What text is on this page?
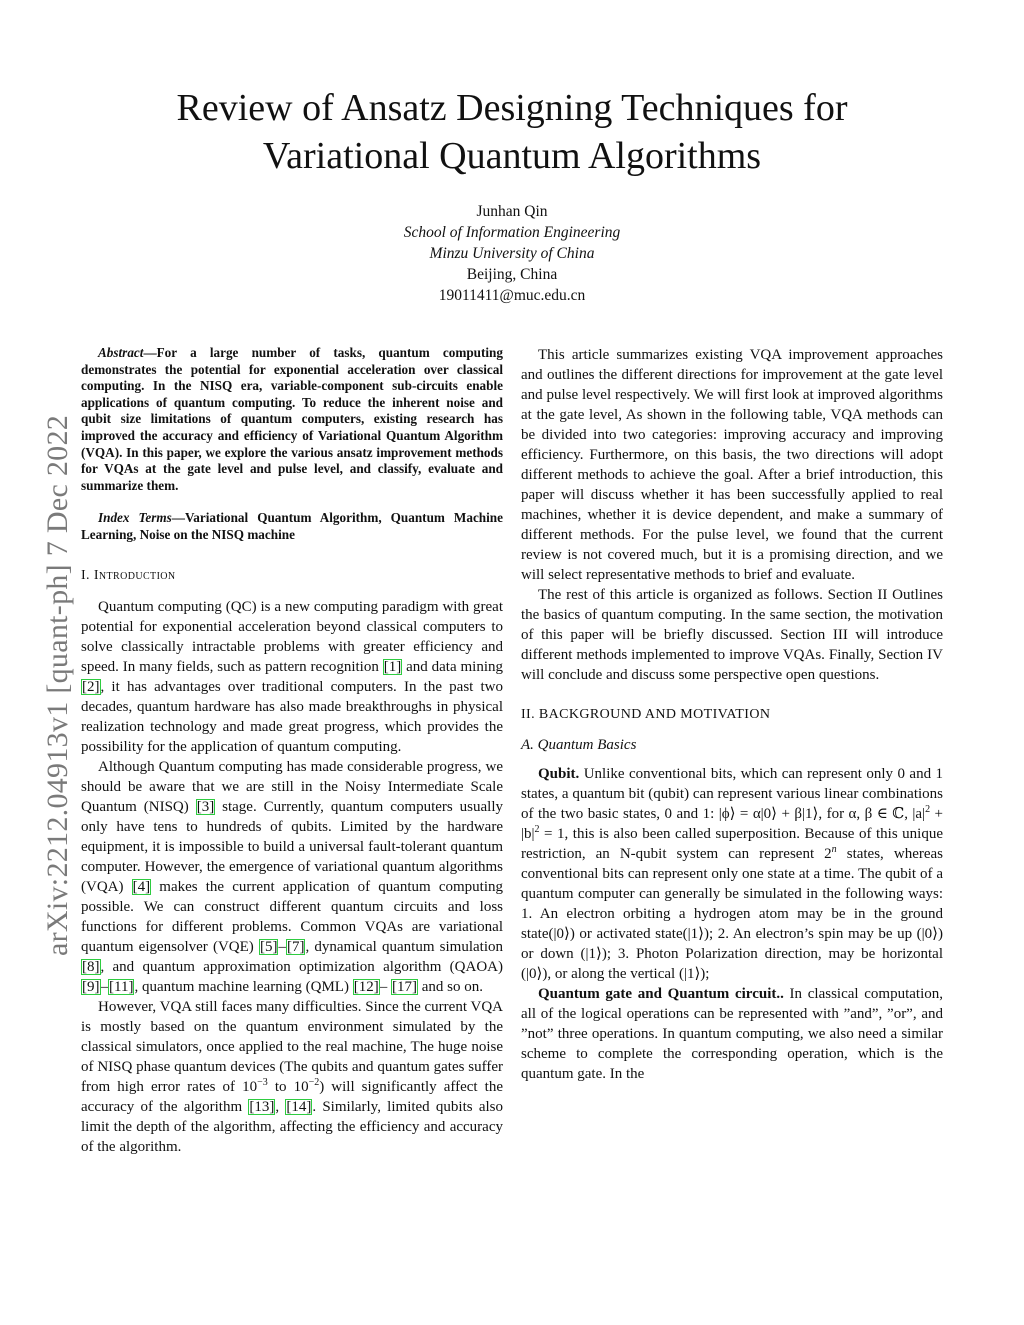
Review of Ansatz Designing Techniques for
Variational Quantum Algorithms
Junhan Qin
School of Information Engineering
Minzu University of China
Beijing, China
19011411@muc.edu.cn
arXiv:2212.04913v1 [quant-ph] 7 Dec 2022

Abstract—For a large number of tasks, quantum computing demonstrates the potential for exponential acceleration over classical computing. In the NISQ era, variable-component sub-circuits enable applications of quantum computing. To reduce the inherent noise and qubit size limitations of quantum computers, existing research has improved the accuracy and efficiency of Variational Quantum Algorithm (VQA). In this paper, we explore the various ansatz improvement methods for VQAs at the gate level and pulse level, and classify, evaluate and summarize them.

Index Terms—Variational Quantum Algorithm, Quantum Machine Learning, Noise on the NISQ machine

I. Introduction

Quantum computing (QC) is a new computing paradigm with great potential for exponential acceleration beyond classical computers to solve classically intractable problems with greater efficiency and speed. In many fields, such as pattern recognition [1] and data mining [2], it has advantages over traditional computers. In the past two decades, quantum hardware has also made breakthroughs in physical realization technology and made great progress, which provides the possibility for the application of quantum computing.

Although Quantum computing has made considerable progress, we should be aware that we are still in the Noisy Intermediate Scale Quantum (NISQ) [3] stage. Currently, quantum computers usually only have tens to hundreds of qubits. Limited by the hardware equipment, it is impossible to build a universal fault-tolerant quantum computer. However, the emergence of variational quantum algorithms (VQA) [4] makes the current application of quantum computing possible. We can construct different quantum circuits and loss functions for different problems. Common VQAs are variational quantum eigensolver (VQE) [5]–[7], dynamical quantum simulation [8], and quantum approximation optimization algorithm (QAOA) [9]–[11], quantum machine learning (QML) [12]– [17] and so on.

However, VQA still faces many difficulties. Since the current VQA is mostly based on the quantum environment simulated by the classical simulators, once applied to the real machine, The huge noise of NISQ phase quantum devices (The qubits and quantum gates suffer from high error rates of $10^{-3}$ to $10^{-2}$) will significantly affect the accuracy of the algorithm [13], [14]. Similarly, limited qubits also limit the depth of the algorithm, affecting the efficiency and accuracy of the algorithm.

This article summarizes existing VQA improvement approaches and outlines the different directions for improvement at the gate level and pulse level respectively. We will first look at improved algorithms at the gate level, As shown in the following table, VQA methods can be divided into two categories: improving accuracy and improving efficiency. Furthermore, on this basis, the two directions will adopt different methods to achieve the goal. After a brief introduction, this paper will discuss whether it has been successfully applied to real machines, whether it is device dependent, and make a summary of different methods. For the pulse level, we found that the current review is not covered much, but it is a promising direction, and we will select representative methods to brief and evaluate.

The rest of this article is organized as follows. Section II Outlines the basics of quantum computing. In the same section, the motivation of this paper will be briefly discussed. Section III will introduce different methods implemented to improve VQAs. Finally, Section IV will conclude and discuss some perspective open questions.

II. BACKGROUND AND MOTIVATION

A. Quantum Basics

Qubit. Unlike conventional bits, which can represent only 0 and 1 states, a quantum bit (qubit) can represent various linear combinations of the two basic states, 0 and 1: |ϕ⟩ = α|0⟩ + β|1⟩, for α, β ∈ ℂ, $|a|^2 + |b|^2 = 1$, this is also been called superposition. Because of this unique restriction, an N-qubit system can represent 2$^n$ states, whereas conventional bits can represent only one state at a time. The qubit of a quantum computer can generally be simulated in the following ways: 1. An electron orbiting a hydrogen atom may be in the ground state(|0⟩) or activated state(|1⟩); 2. An electron’s spin may be up (|0⟩) or down (|1⟩); 3. Photon Polarization direction, may be horizontal (|0⟩), or along the vertical (|1⟩);

Quantum gate and Quantum circuit.. In classical computation, all of the logical operations can be represented with ”and”, ”or”, and ”not” three operations. In quantum computing, we also need a similar scheme to complete the corresponding operation, which is the quantum gate. In the
